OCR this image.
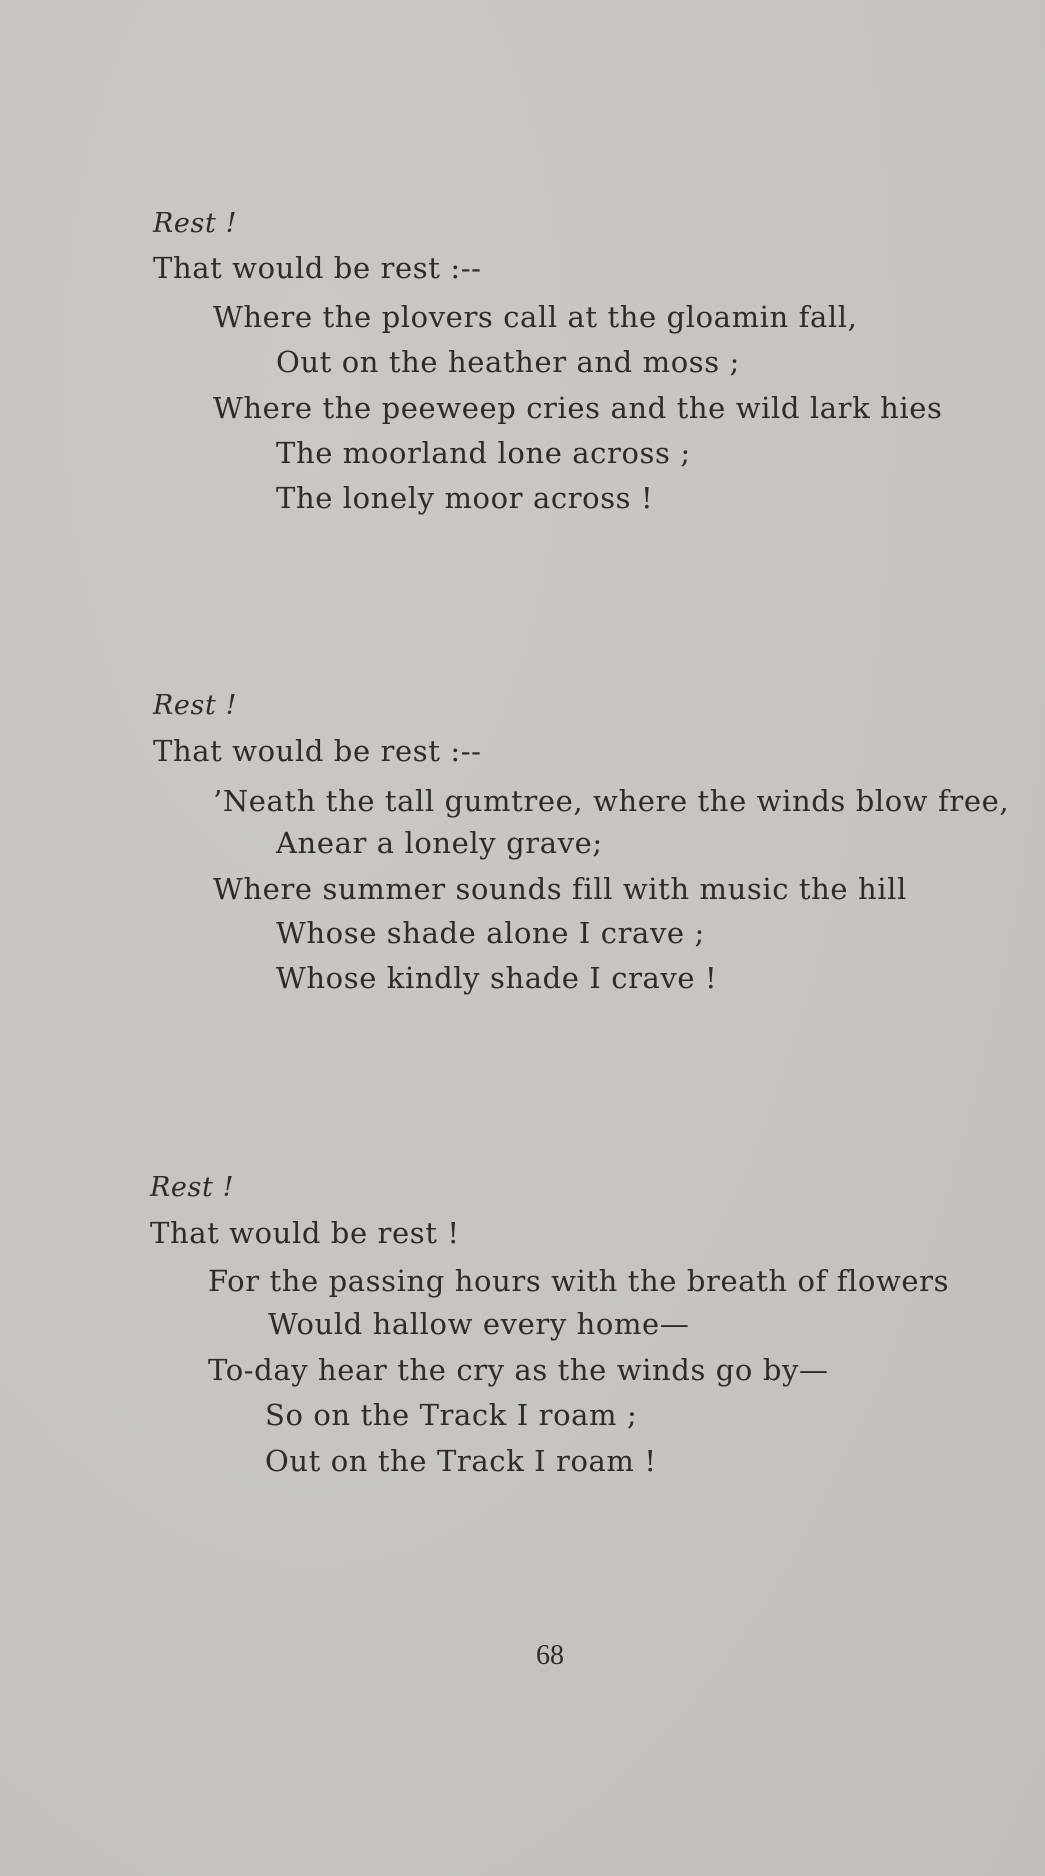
Rest !
That would be rest :--
Where the plovers call at the gloamin fall,
Out on the heather and moss ;
Where the peeweep cries and the wild lark hies
The moorland lone across ;
The lonely moor across !
Rest !
That would be rest :--
’Neath the tall gumtree, where the winds blow free,
Anear a lonely grave;
Where summer sounds fill with music the hill
Whose shade alone I crave ;
Whose kindly shade I crave !
Rest !
That would be rest !
For the passing hours with the breath of flowers
Would hallow every home—
To-day hear the cry as the winds go by—
So on the Track I roam ;
Out on the Track I roam !
68
